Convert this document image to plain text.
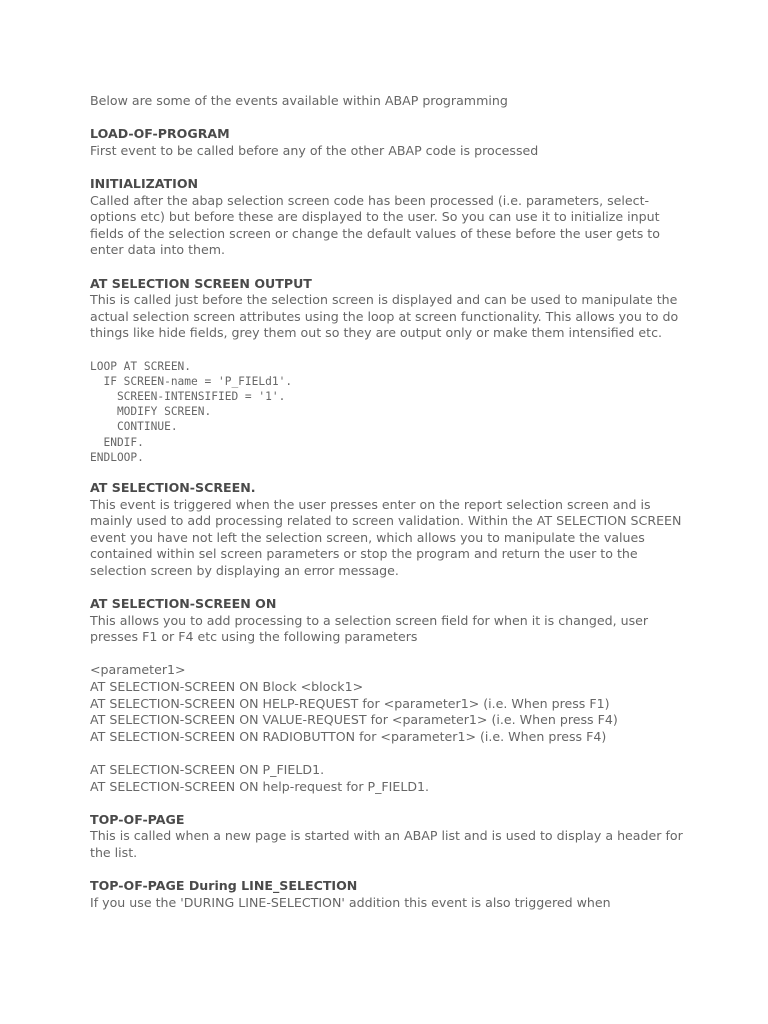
Below are some of the events available within ABAP programming
LOAD-OF-PROGRAM
First event to be called before any of the other ABAP code is processed
INITIALIZATION
Called after the abap selection screen code has been processed (i.e. parameters, select-options etc) but before these are displayed to the user. So you can use it to initialize input fields of the selection screen or change the default values of these before the user gets to enter data into them.
AT SELECTION SCREEN OUTPUT
This is called just before the selection screen is displayed and can be used to manipulate the actual selection screen attributes using the loop at screen functionality. This allows you to do things like hide fields, grey them out so they are output only or make them intensified etc.
LOOP AT SCREEN.
IF SCREEN-name = 'P_FIELd1'.
SCREEN-INTENSIFIED = '1'.
MODIFY SCREEN.
CONTINUE.
ENDIF.
ENDLOOP.
AT SELECTION-SCREEN.
This event is triggered when the user presses enter on the report selection screen and is mainly used to add processing related to screen validation. Within the AT SELECTION SCREEN event you have not left the selection screen, which allows you to manipulate the values contained within sel screen parameters or stop the program and return the user to the selection screen by displaying an error message.
AT SELECTION-SCREEN ON
This allows you to add processing to a selection screen field for when it is changed, user presses F1 or F4 etc using the following parameters
<parameter1>
AT SELECTION-SCREEN ON Block <block1>
AT SELECTION-SCREEN ON HELP-REQUEST for <parameter1> (i.e. When press F1)
AT SELECTION-SCREEN ON VALUE-REQUEST for <parameter1> (i.e. When press F4)
AT SELECTION-SCREEN ON RADIOBUTTON for <parameter1> (i.e. When press F4)
AT SELECTION-SCREEN ON P_FIELD1.
AT SELECTION-SCREEN ON help-request for P_FIELD1.
TOP-OF-PAGE
This is called when a new page is started with an ABAP list and is used to display a header for the list.
TOP-OF-PAGE During LINE_SELECTION
If you use the 'DURING LINE-SELECTION' addition this event is also triggered when
